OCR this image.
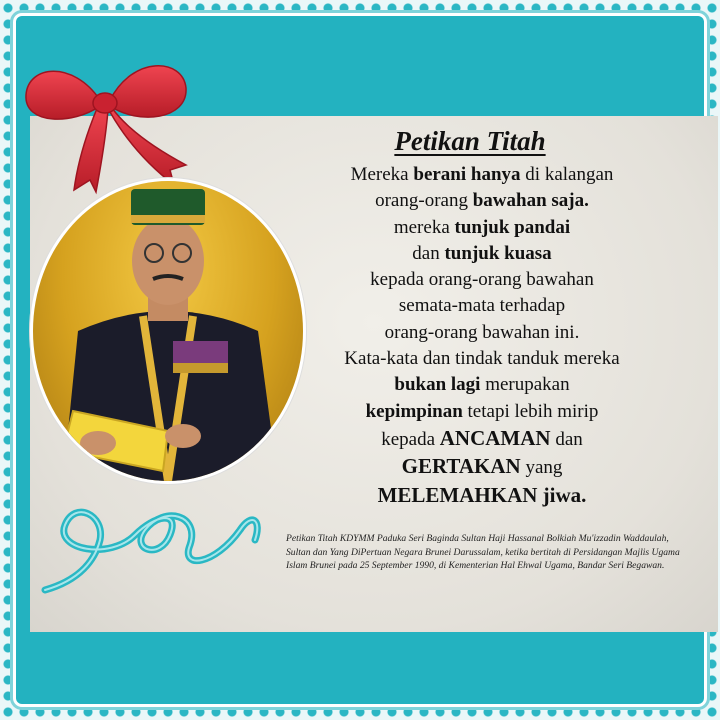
Petikan Titah
Mereka berani hanya di kalangan
orang-orang bawahan saja.
mereka tunjuk pandai
dan tunjuk kuasa
kepada orang-orang bawahan
semata-mata terhadap
orang-orang bawahan ini.
Kata-kata dan tindak tanduk mereka
bukan lagi merupakan
kepimpinan tetapi lebih mirip
kepada ANCAMAN dan
GERTAKAN yang
MELEMAHKAN jiwa.
Petikan Titah KDYMM Paduka Seri Baginda Sultan Haji Hassanal Bolkiah Mu'izzadin Waddaulah, Sultan dan Yang DiPertuan Negara Brunei Darussalam, ketika bertitah di Persidangan Majlis Ugama Islam Brunei pada 25 September 1990, di Kementerian Hal Ehwal Ugama, Bandar Seri Begawan.
